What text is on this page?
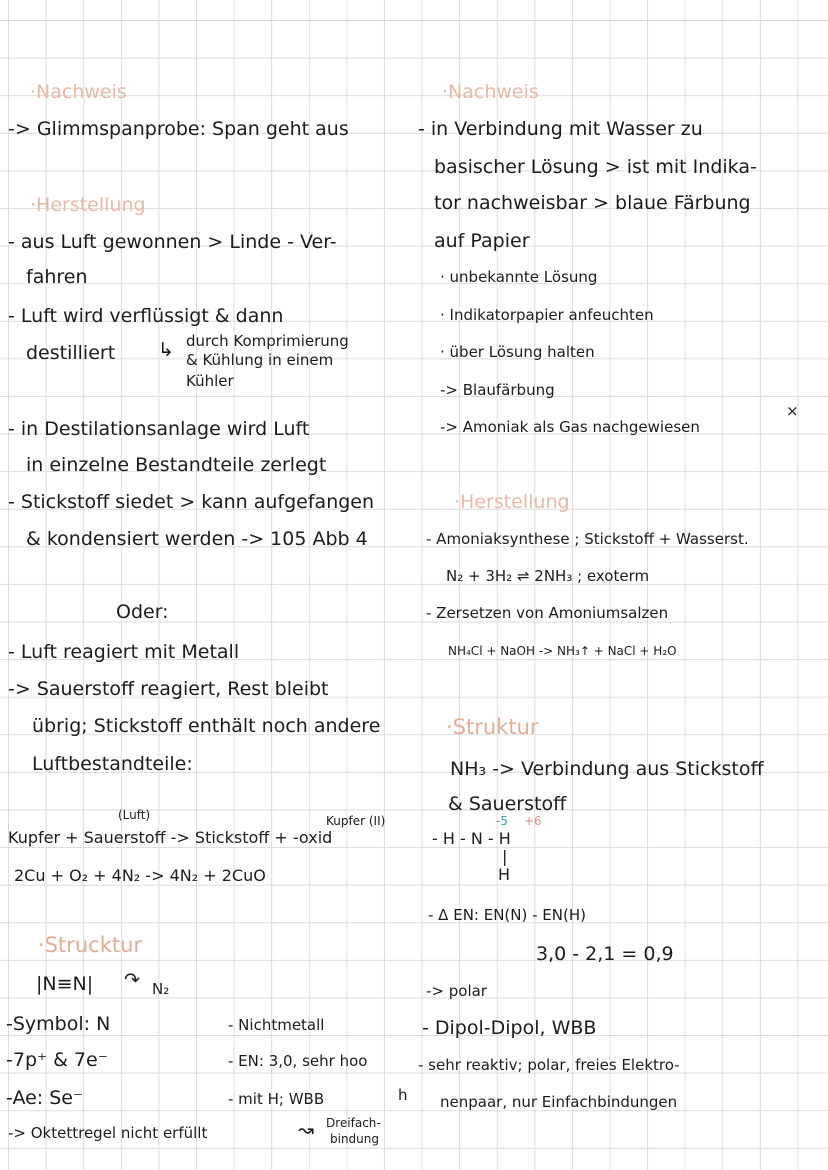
·Nachweis
-> Glimmspanprobe: Span geht aus
·Herstellung
- aus Luft gewonnen > Linde - Ver-
fahren
- Luft wird verflüssigt & dann
destilliert ↳ durch Komprimierung
& Kühlung in einem
Kühler
- in Destilationsanlage wird Luft
in einzelne Bestandteile zerlegt
- Stickstoff siedet > kann aufgefangen
& kondensiert werden -> 105 Abb 4
Oder:
- Luft reagiert mit Metall
-> Sauerstoff reagiert, Rest bleibt
übrig; Stickstoff enthält noch andere
Luftbestandteile:
(Luft)	Kupfer (II)
Kupfer + Sauerstoff -> Stickstoff + -oxid
2Cu + O₂ + 4N₂ -> 4N₂ + 2CuO
·Strucktur
|N≡N| ↷ N₂
-Symbol: N
-7p⁺ & 7e⁻
-Ae: Se⁻
- Nichtmetall
- EN: 3,0, sehr hoo
- mit H; WBB	h
-> Oktettregel nicht erfüllt	↝ Dreifach-
bindung
·Nachweis
- in Verbindung mit Wasser zu
basischer Lösung > ist mit Indika-
tor nachweisbar > blaue Färbung
auf Papier
· unbekannte Lösung
· Indikatorpapier anfeuchten
· über Lösung halten
-> Blaufärbung
-> Amoniak als Gas nachgewiesen
×
·Herstellung
- Amoniaksynthese ; Stickstoff + Wasserst.
N₂ + 3H₂ ⇌ 2NH₃ ; exoterm
- Zersetzen von Amoniumsalzen
NH₄Cl + NaOH -> NH₃↑ + NaCl + H₂O
·Struktur
NH₃ -> Verbindung aus Stickstoff
& Sauerstoff
-5 +6
- H - N - H
|
H
- Δ EN: EN(N) - EN(H)
3,0 - 2,1 = 0,9
-> polar
- Dipol-Dipol, WBB
- sehr reaktiv; polar, freies Elektro-
nenpaar, nur Einfachbindungen
